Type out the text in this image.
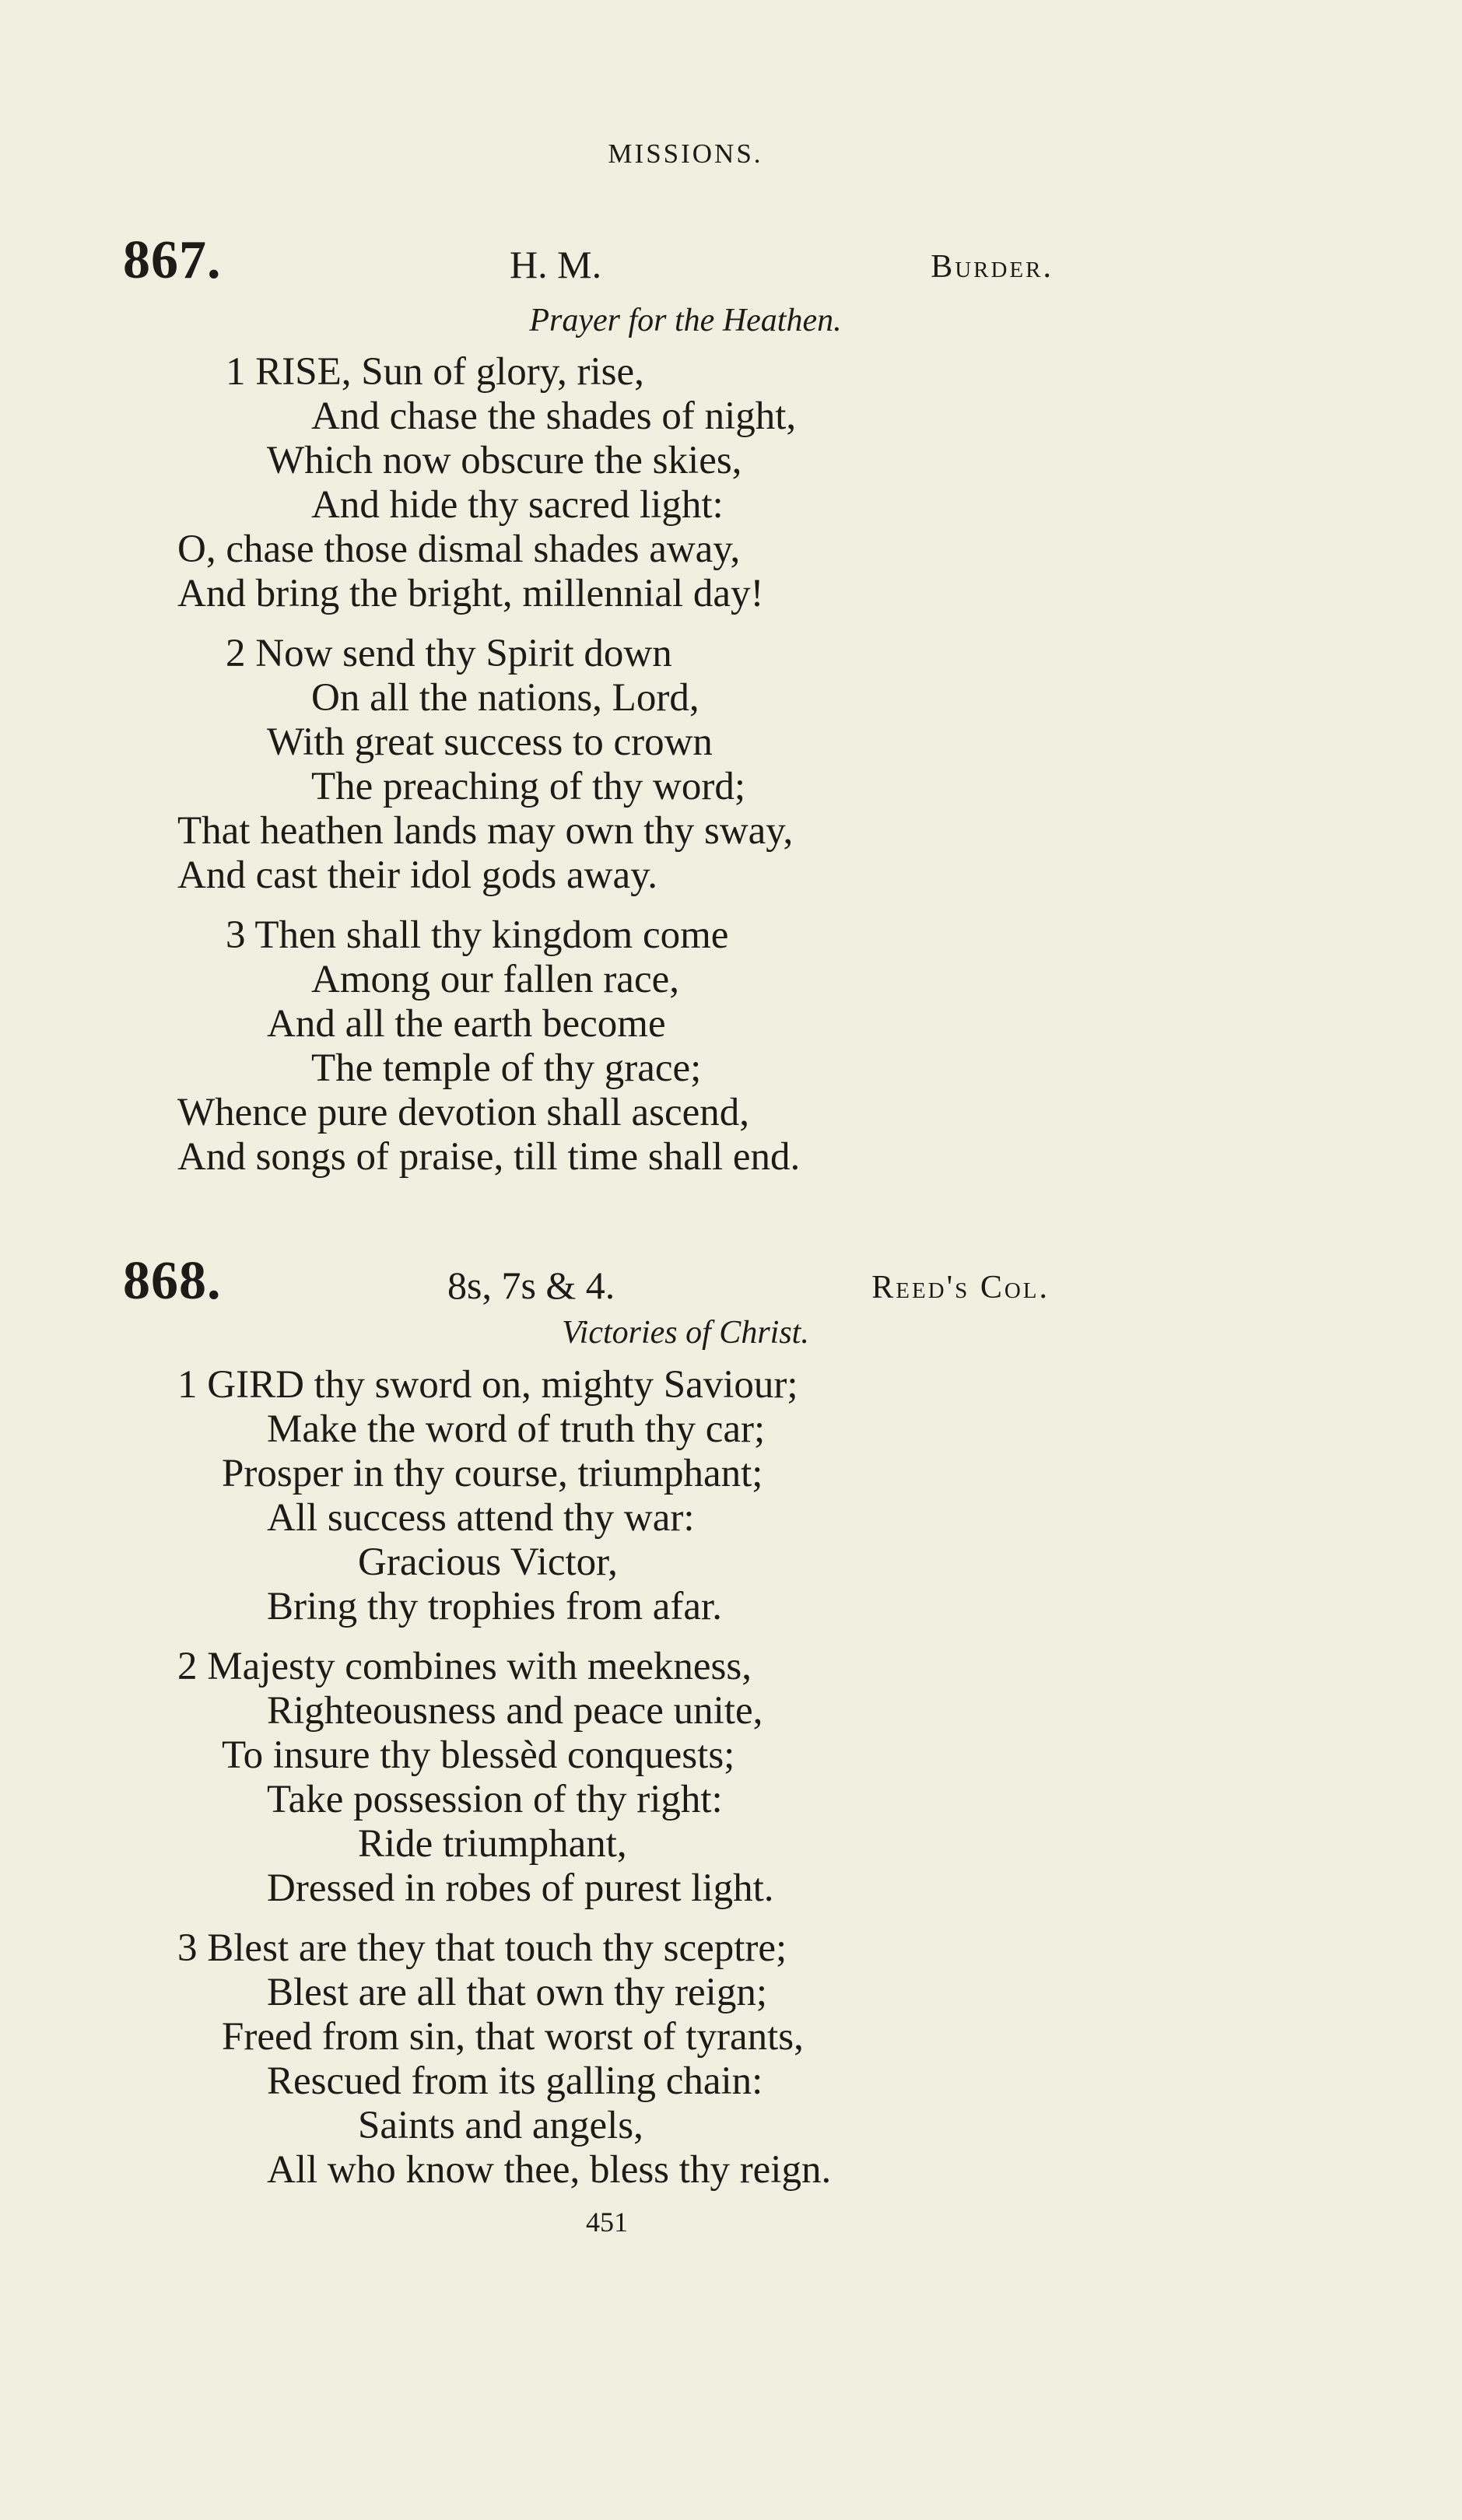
MISSIONS.
867.	H. M.	Burder.
Prayer for the Heathen.
1 RISE, Sun of glory, rise,
And chase the shades of night,
Which now obscure the skies,
And hide thy sacred light:
O, chase those dismal shades away,
And bring the bright, millennial day!
2 Now send thy Spirit down
On all the nations, Lord,
With great success to crown
The preaching of thy word;
That heathen lands may own thy sway,
And cast their idol gods away.
3 Then shall thy kingdom come
Among our fallen race,
And all the earth become
The temple of thy grace;
Whence pure devotion shall ascend,
And songs of praise, till time shall end.
868.	8s, 7s & 4.	Reed's Col.
Victories of Christ.
1 GIRD thy sword on, mighty Saviour;
Make the word of truth thy car;
Prosper in thy course, triumphant;
All success attend thy war:
Gracious Victor,
Bring thy trophies from afar.
2 Majesty combines with meekness,
Righteousness and peace unite,
To insure thy blessèd conquests;
Take possession of thy right:
Ride triumphant,
Dressed in robes of purest light.
3 Blest are they that touch thy sceptre;
Blest are all that own thy reign;
Freed from sin, that worst of tyrants,
Rescued from its galling chain:
Saints and angels,
All who know thee, bless thy reign.
451
